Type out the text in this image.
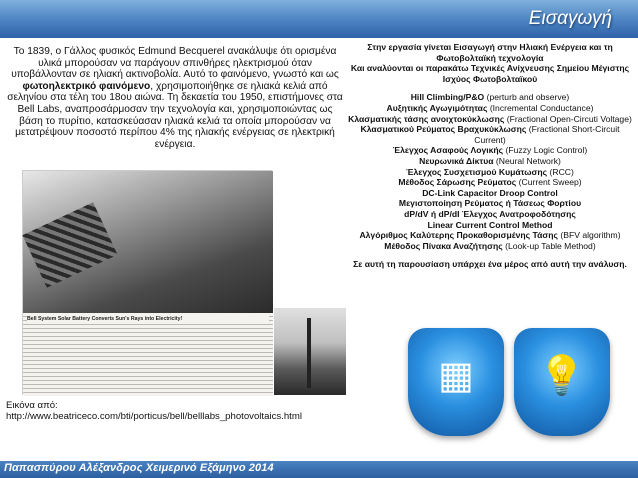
Εισαγωγή
Το 1839, ο Γάλλος φυσικός Edmund Becquerel ανακάλυψε ότι ορισμένα υλικά μπορούσαν να παράγουν σπινθήρες ηλεκτρισμού όταν υποβάλλονταν σε ηλιακή ακτινοβολία. Αυτό το φαινόμενο, γνωστό και ως φωτοηλεκτρικό φαινόμενο, χρησιμοποιήθηκε σε ηλιακά κελιά από σεληνίου στα τέλη του 18ου αιώνα. Τη δεκαετία του 1950, επιστήμονες στα Bell Labs, αναπροσάρμοσαν την τεχνολογία και, χρησιμοποιώντας ως βάση το πυρίτιο, κατασκεύασαν ηλιακά κελιά τα οποία μπορούσαν να μετατρέψουν ποσοστό περίπου 4% της ηλιακής ενέργειας σε ηλεκτρική ενέργεια.
Bell System Solar Battery Converts Sun's Rays into Electricity!
Εικόνα από: http://www.beatriceco.com/bti/porticus/bell/belllabs_photovoltaics.html
Στην εργασία γίνεται Εισαγωγή στην Ηλιακή Ενέργεια και τη Φωτοβολταϊκή τεχνολογία
Και αναλύονται οι παρακάτω Τεχνικές Ανίχνευσης Σημείου Μέγιστης Ισχύος Φωτοβολταϊκού
Hill Climbing/P&O (perturb and observe)
Αυξητικής Αγωγιμότητας (Incremental Conductance)
Κλασματικής τάσης ανοιχτοκύκλωσης (Fractional Open-Circuti Voltage)
Κλασματικού Ρεύματος Βραχυκύκλωσης (Fractional Short-Circuit Current)
Έλεγχος Ασαφούς Λογικής (Fuzzy Logic Control)
Νευρωνικά Δίκτυα (Neural Network)
Έλεγχος Συσχετισμού Κυμάτωσης (RCC)
Μέθοδος Σάρωσης Ρεύματος (Current Sweep)
DC-Link Capacitor Droop Control
Μεγιστοποίηση Ρεύματος ή Τάσεως Φορτίου
dP/dV ή dP/dI Έλεγχος Ανατροφοδότησης
Linear Current Control Method
Αλγόριθμος Καλύτερης Προκαθορισμένης Τάσης (BFV algorithm)
Μέθοδος Πίνακα Αναζήτησης (Look-up Table Method)
Σε αυτή τη παρουσίαση υπάρχει ένα μέρος από αυτή την ανάλυση.
▦	💡
Παπασπύρου Αλέξανδρος Χειμερινό Εξάμηνο 2014
